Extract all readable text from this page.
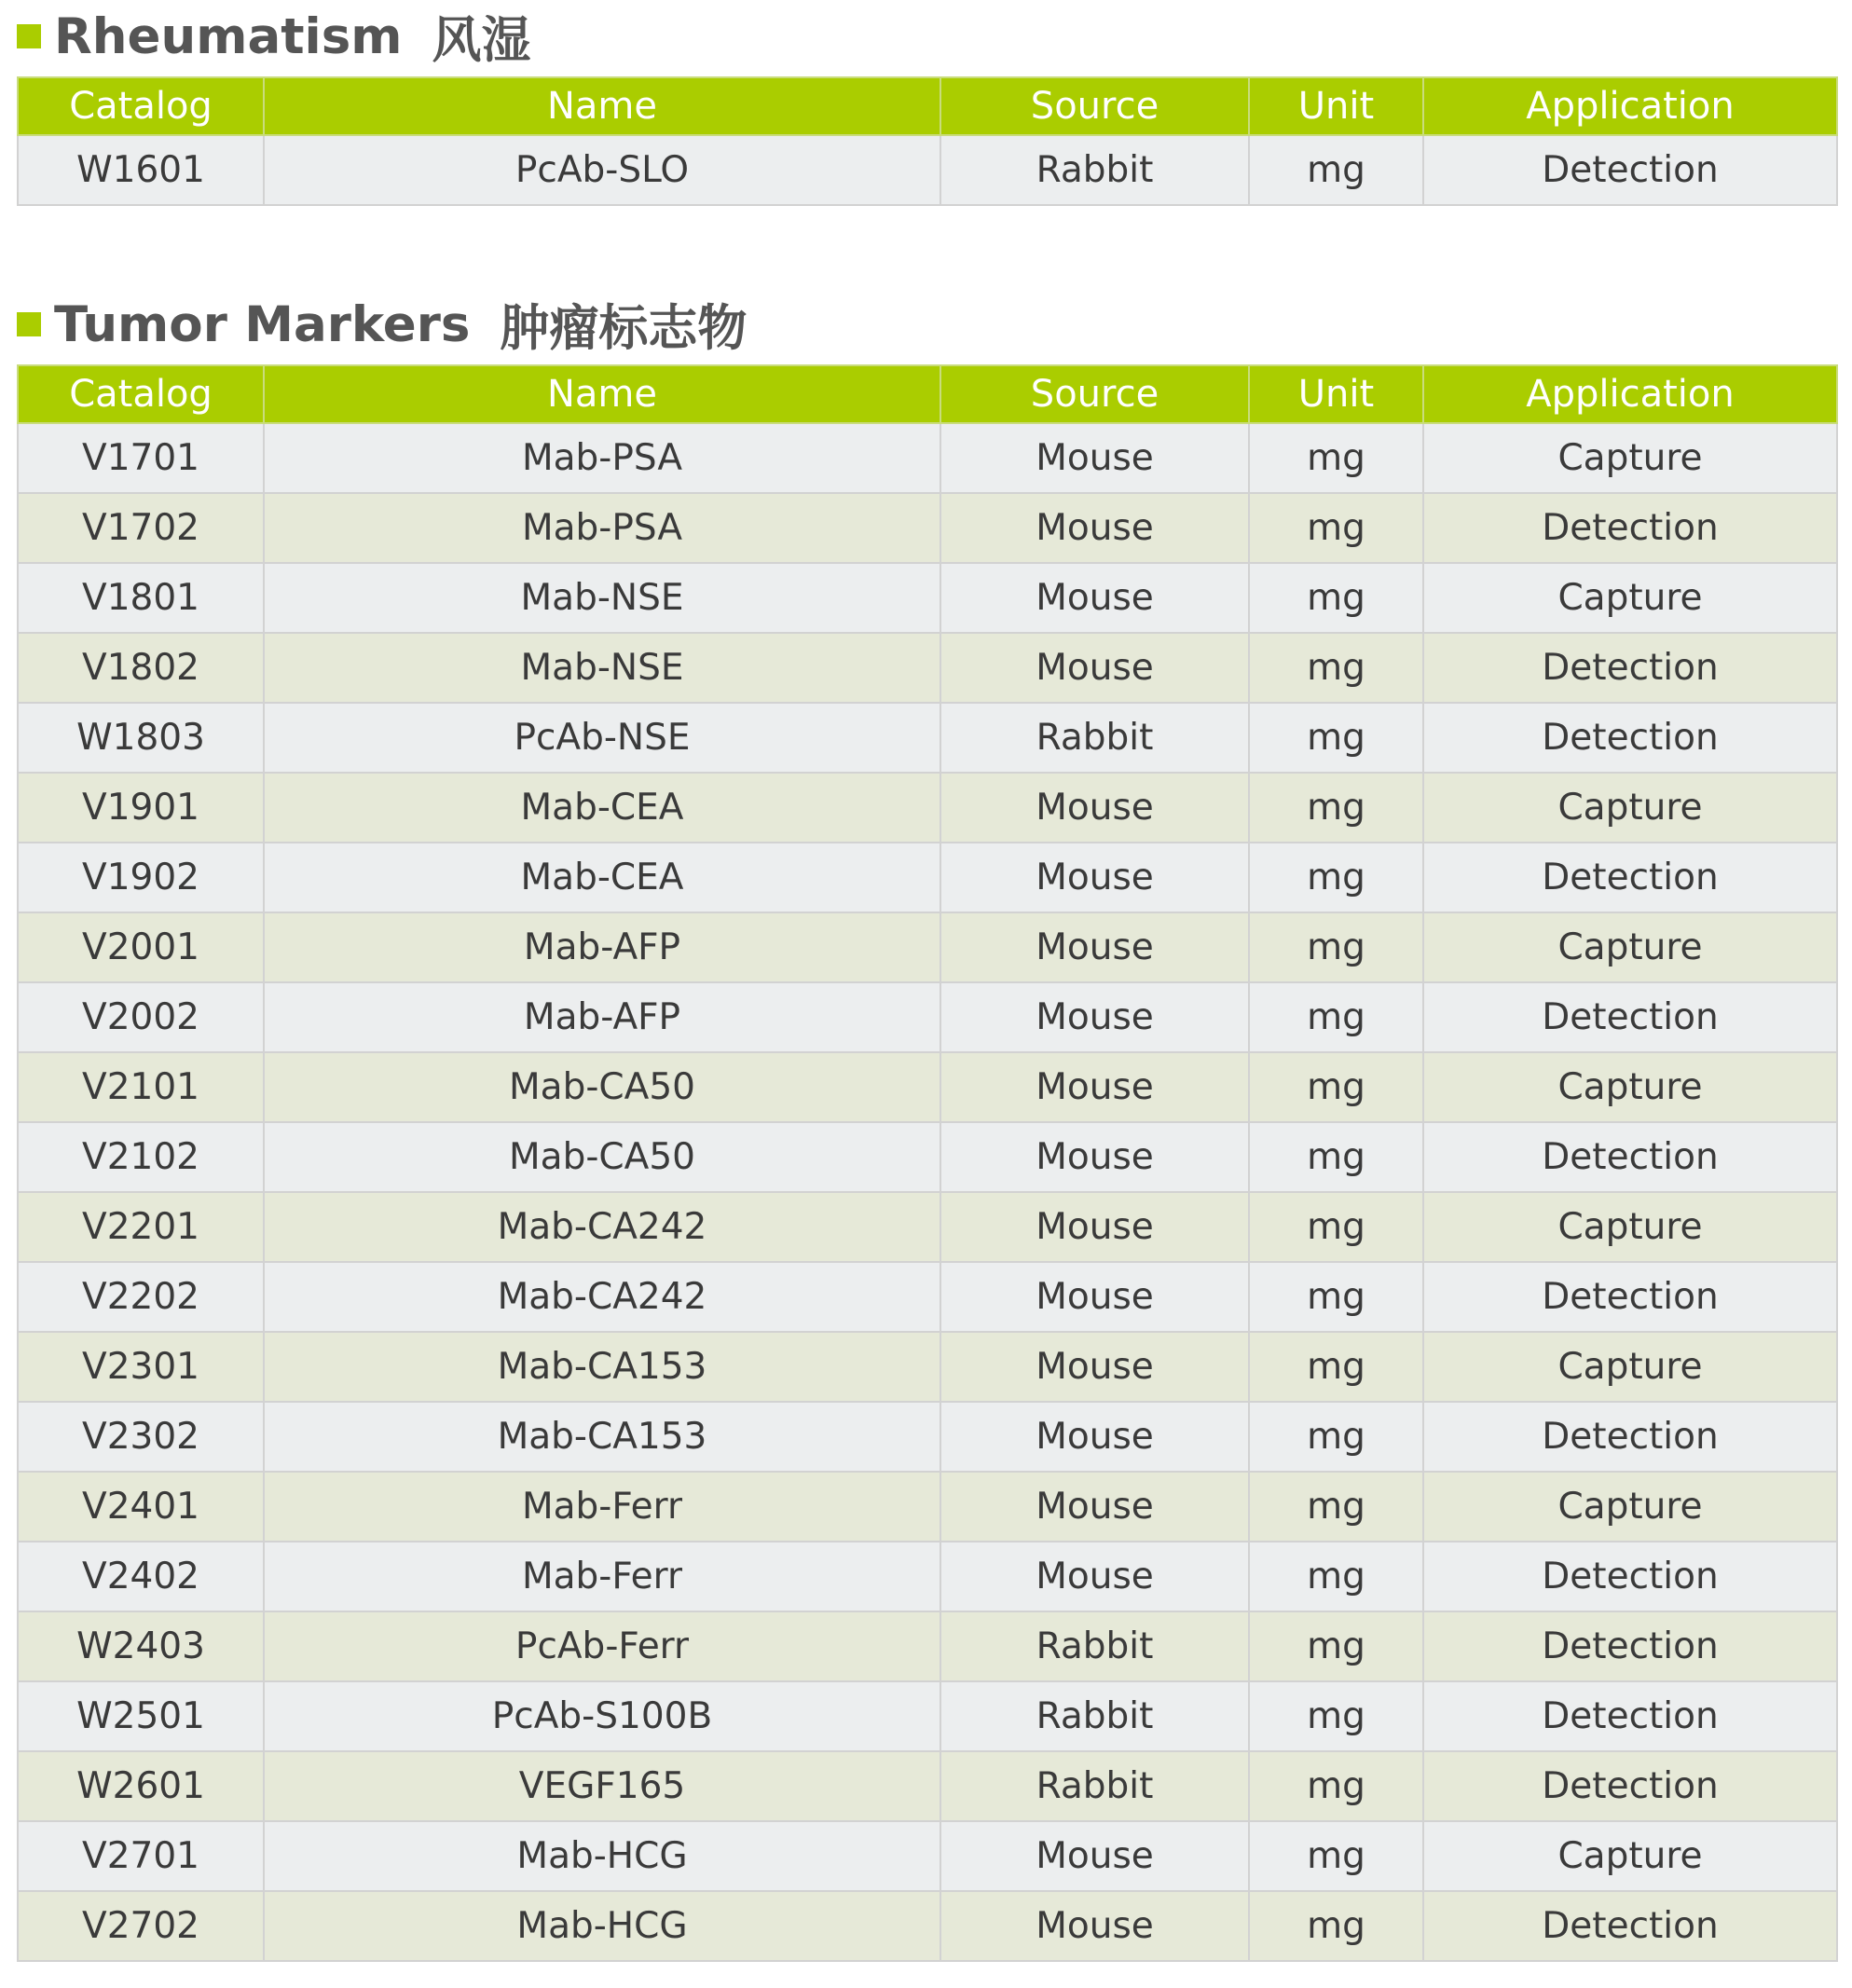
Rheumatism 风湿
Catalog	Name	Source	Unit	Application
W1601	PcAb-SLO	Rabbit	mg	Detection
Tumor Markers 肿瘤标志物
Catalog	Name	Source	Unit	Application
V1701	Mab-PSA	Mouse	mg	Capture
V1702	Mab-PSA	Mouse	mg	Detection
V1801	Mab-NSE	Mouse	mg	Capture
V1802	Mab-NSE	Mouse	mg	Detection
W1803	PcAb-NSE	Rabbit	mg	Detection
V1901	Mab-CEA	Mouse	mg	Capture
V1902	Mab-CEA	Mouse	mg	Detection
V2001	Mab-AFP	Mouse	mg	Capture
V2002	Mab-AFP	Mouse	mg	Detection
V2101	Mab-CA50	Mouse	mg	Capture
V2102	Mab-CA50	Mouse	mg	Detection
V2201	Mab-CA242	Mouse	mg	Capture
V2202	Mab-CA242	Mouse	mg	Detection
V2301	Mab-CA153	Mouse	mg	Capture
V2302	Mab-CA153	Mouse	mg	Detection
V2401	Mab-Ferr	Mouse	mg	Capture
V2402	Mab-Ferr	Mouse	mg	Detection
W2403	PcAb-Ferr	Rabbit	mg	Detection
W2501	PcAb-S100B	Rabbit	mg	Detection
W2601	VEGF165	Rabbit	mg	Detection
V2701	Mab-HCG	Mouse	mg	Capture
V2702	Mab-HCG	Mouse	mg	Detection
